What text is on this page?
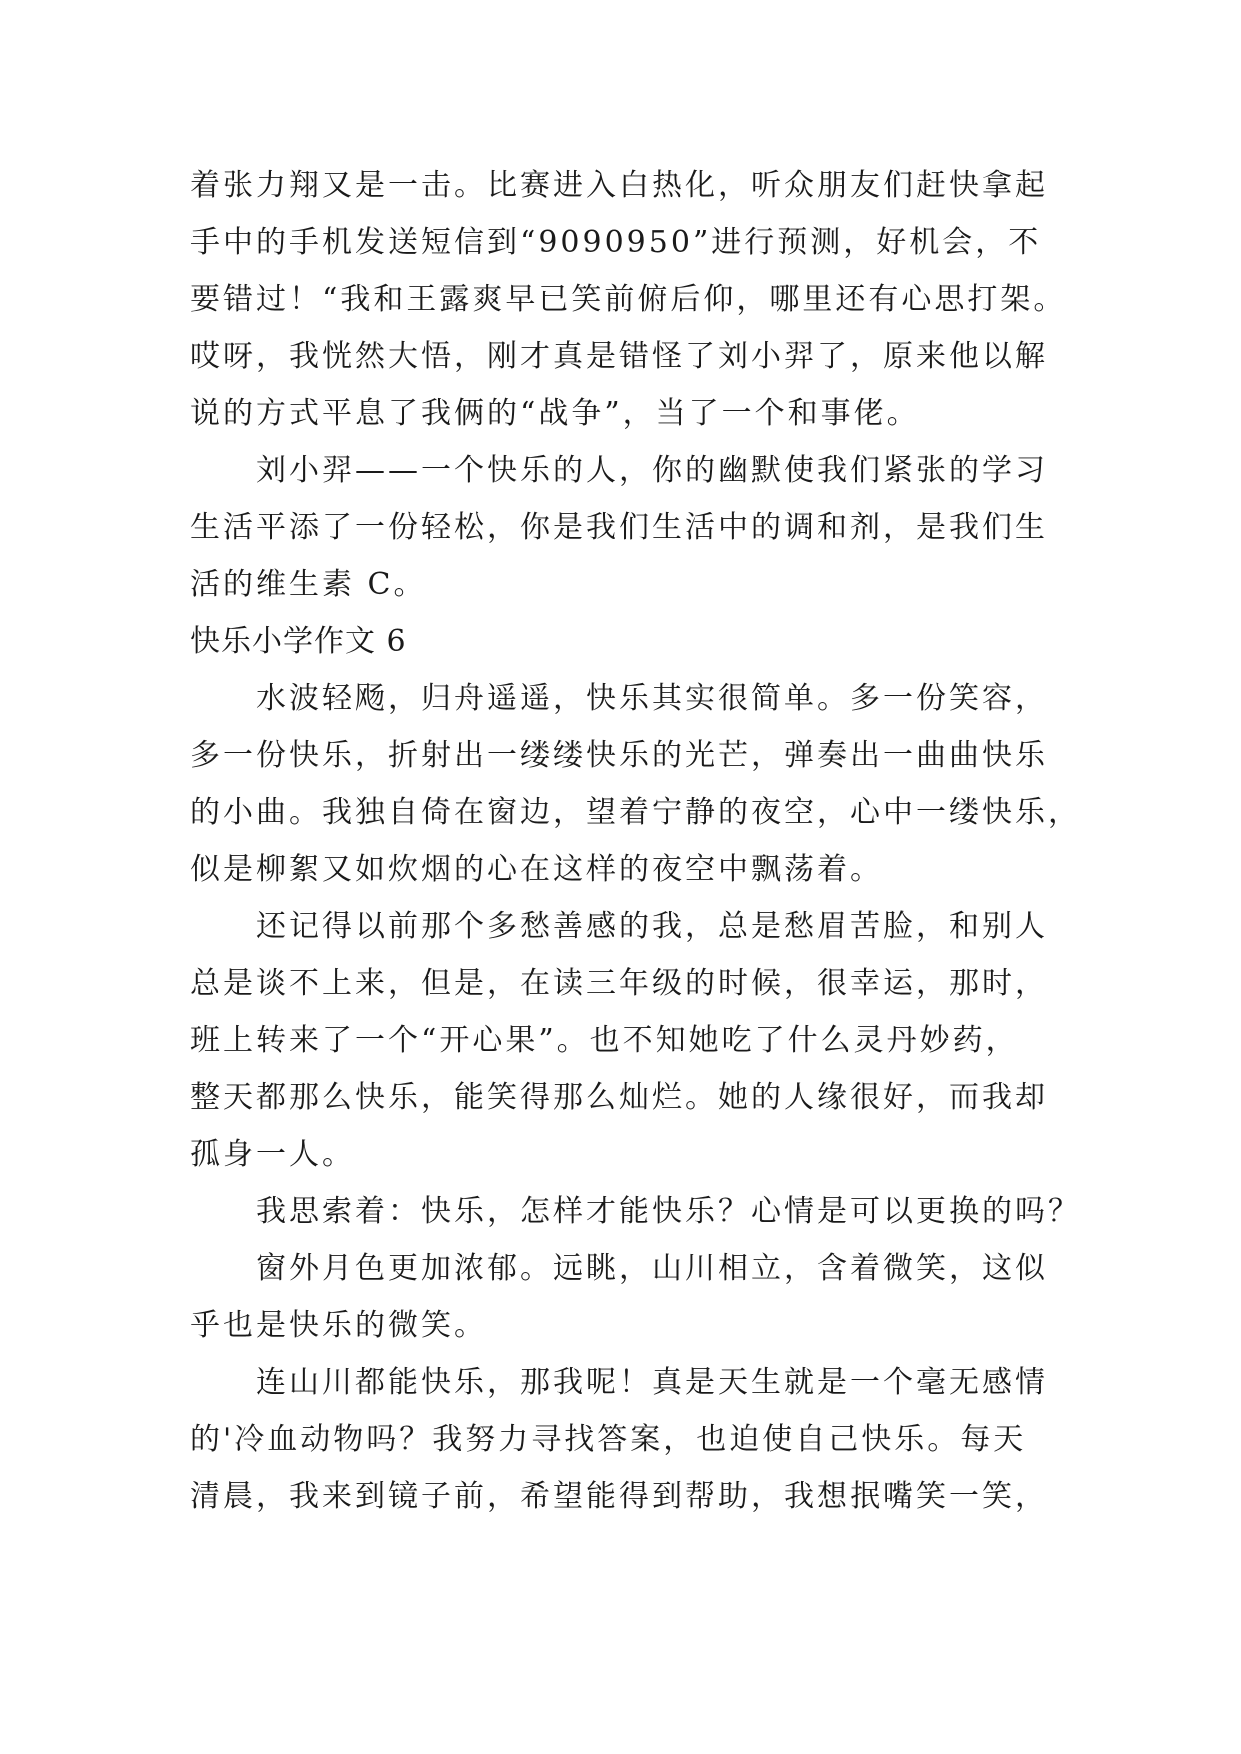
着张力翔又是一击。比赛进入白热化，听众朋友们赶快拿起
手中的手机发送短信到“9090950”进行预测，好机会，不
要错过！“我和王露爽早已笑前俯后仰，哪里还有心思打架。
哎呀，我恍然大悟，刚才真是错怪了刘小羿了，原来他以解
说的方式平息了我俩的“战争”，当了一个和事佬。
刘小羿——一个快乐的人，你的幽默使我们紧张的学习
生活平添了一份轻松，你是我们生活中的调和剂，是我们生
活的维生素 C。
快乐小学作文 6
水波轻飏，归舟遥遥，快乐其实很简单。多一份笑容，
多一份快乐，折射出一缕缕快乐的光芒，弹奏出一曲曲快乐
的小曲。我独自倚在窗边，望着宁静的夜空，心中一缕快乐，
似是柳絮又如炊烟的心在这样的夜空中飘荡着。
还记得以前那个多愁善感的我，总是愁眉苦脸，和别人
总是谈不上来，但是，在读三年级的时候，很幸运，那时，
班上转来了一个“开心果”。也不知她吃了什么灵丹妙药，
整天都那么快乐，能笑得那么灿烂。她的人缘很好，而我却
孤身一人。
我思索着：快乐，怎样才能快乐？心情是可以更换的吗？
窗外月色更加浓郁。远眺，山川相立，含着微笑，这似
乎也是快乐的微笑。
连山川都能快乐，那我呢！真是天生就是一个毫无感情
的'冷血动物吗？我努力寻找答案，也迫使自己快乐。每天
清晨，我来到镜子前，希望能得到帮助，我想抿嘴笑一笑，
